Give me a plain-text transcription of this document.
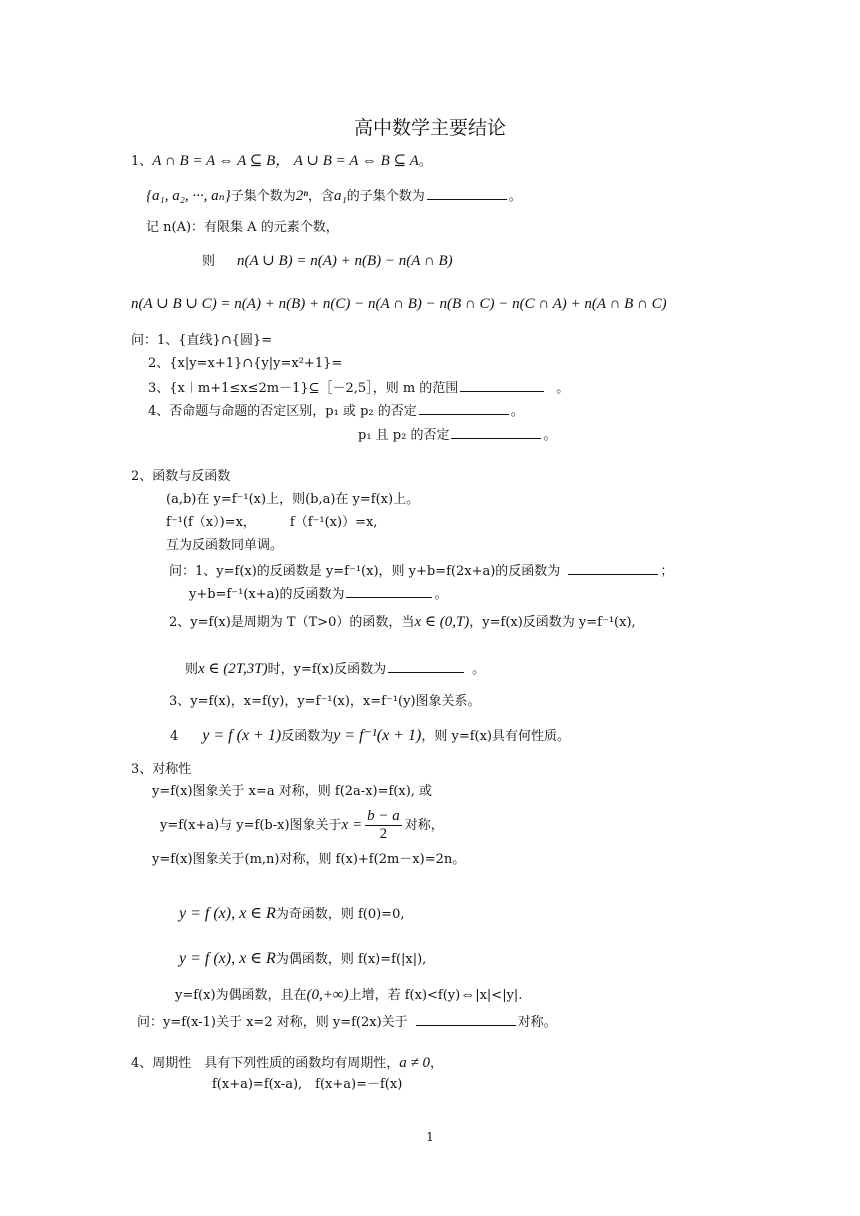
高中数学主要结论
1、A ∩ B = A ⇔ A ⊆ B， A ∪ B = A ⇔ B ⊆ A。
{a₁, a₂, ···, aₙ}子集个数为2ⁿ，含a₁的子集个数为	。
记 n(A)：有限集 A 的元素个数，
则 n(A ∪ B) = n(A) + n(B) − n(A ∩ B)
n(A ∪ B ∪ C) = n(A) + n(B) + n(C) − n(A ∩ B) − n(B ∩ C) − n(C ∩ A) + n(A ∩ B ∩ C)
问：1、{直线}∩{圆}=
2、{x|y=x+1}∩{y|y=x²+1}=
3、{x︱m+1≤x≤2m－1}⊆［－2,5］，则 m 的范围	。
4、否命题与命题的否定区别，p₁ 或 p₂ 的否定	。
p₁ 且 p₂ 的否定	。
2、函数与反函数
(a,b)在 y=f⁻¹(x)上，则(b,a)在 y=f(x)上。
f⁻¹(f（x）)=x，	f（f⁻¹(x)）=x,
互为反函数同单调。
问：1、y=f(x)的反函数是 y=f⁻¹(x)，则 y+b=f(2x+a)的反函数为	；
y+b=f⁻¹(x+a)的反函数为	。
2、y=f(x)是周期为 T（T>0）的函数，当x ∈ (0,T)，y=f(x)反函数为 y=f⁻¹(x),
则x ∈ (2T,3T)时，y=f(x)反函数为	。
3、y=f(x)，x=f(y)，y=f⁻¹(x)，x=f⁻¹(y)图象关系。
4 y = f (x + 1)反函数为y = f⁻¹(x + 1)，则 y=f(x)具有何性质。
3、对称性
y=f(x)图象关于 x=a 对称，则 f(2a-x)=f(x), 或
y=f(x+a)与 y=f(b-x)图象关于$x = \frac{b - a}{2}$ 对称，
y=f(x)图象关于(m,n)对称，则 f(x)+f(2m－x)=2n。
y = f (x), x ∈ R为奇函数，则 f(0)=0,
y = f (x), x ∈ R为偶函数，则 f(x)=f(|x|),
y=f(x)为偶函数，且在(0,+∞)上增，若 f(x)<f(y)⇔|x|<|y|.
问：y=f(x-1)关于 x=2 对称，则 y=f(2x)关于	对称。
4、周期性　具有下列性质的函数均有周期性，a ≠ 0，
f(x+a)=f(x-a),　f(x+a)=－f(x)
1
